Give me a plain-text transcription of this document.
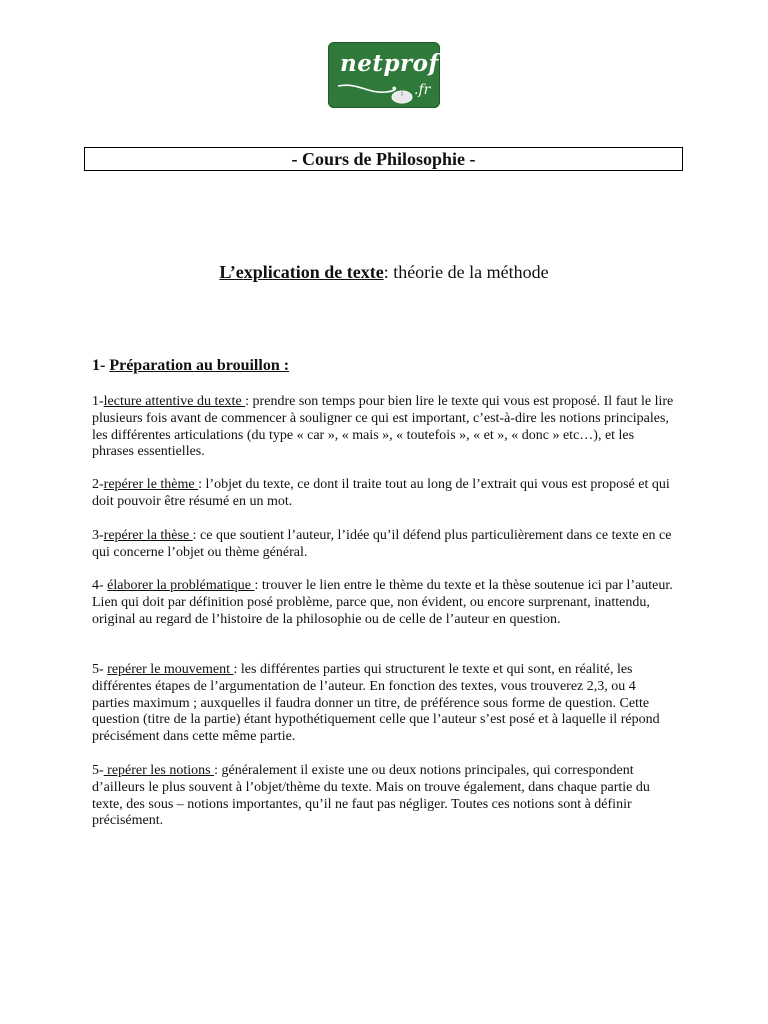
netprof
.fr
- Cours de Philosophie -
L’explication de texte: théorie de la méthode
1- Préparation au brouillon :
1-lecture attentive du texte : prendre son temps pour bien lire le texte qui vous est proposé. Il faut le lire plusieurs fois avant de commencer à souligner ce qui est important, c’est-à-dire les notions principales, les différentes articulations (du type « car », « mais », « toutefois », « et », « donc » etc…), et les phrases essentielles.
2-repérer le thème : l’objet du texte, ce dont il traite tout au long de l’extrait qui vous est proposé et qui doit pouvoir être résumé en un mot.
3-repérer la thèse : ce que soutient l’auteur, l’idée qu’il défend plus particulièrement dans ce texte en ce qui concerne l’objet ou thème général.
4- élaborer la problématique : trouver le lien entre le thème du texte et la thèse soutenue ici par l’auteur. Lien qui doit par définition posé problème, parce que, non évident, ou encore surprenant, inattendu, original au regard de l’histoire de la philosophie ou de celle de l’auteur en question.
5- repérer le mouvement : les différentes parties qui structurent le texte et qui sont, en réalité, les différentes étapes de l’argumentation de l’auteur. En fonction des textes, vous trouverez 2,3, ou 4 parties maximum ; auxquelles il faudra donner un titre, de préférence sous forme de question. Cette question (titre de la partie) étant hypothétiquement celle que l’auteur s’est posé et à laquelle il répond précisément dans cette même partie.
5- repérer les notions : généralement il existe une ou deux notions principales, qui correspondent d’ailleurs le plus souvent à l’objet/thème du texte. Mais on trouve également, dans chaque partie du texte, des sous – notions importantes, qu’il ne faut pas négliger. Toutes ces notions sont à définir précisément.
